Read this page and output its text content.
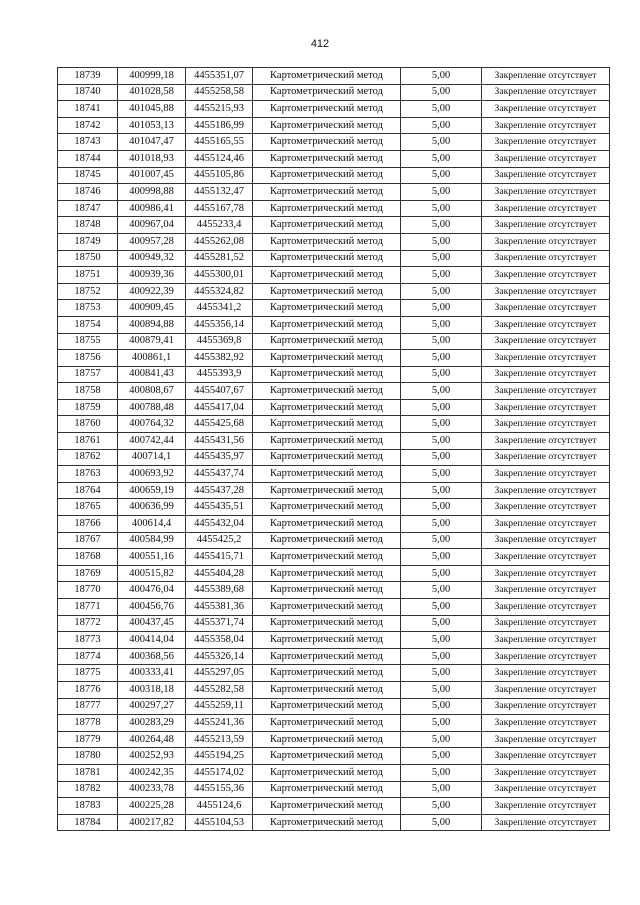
412
18739	400999,18	4455351,07	Картометрический метод	5,00	Закрепление отсутствует
18740	401028,58	4455258,58	Картометрический метод	5,00	Закрепление отсутствует
18741	401045,88	4455215,93	Картометрический метод	5,00	Закрепление отсутствует
18742	401053,13	4455186,99	Картометрический метод	5,00	Закрепление отсутствует
18743	401047,47	4455165,55	Картометрический метод	5,00	Закрепление отсутствует
18744	401018,93	4455124,46	Картометрический метод	5,00	Закрепление отсутствует
18745	401007,45	4455105,86	Картометрический метод	5,00	Закрепление отсутствует
18746	400998,88	4455132,47	Картометрический метод	5,00	Закрепление отсутствует
18747	400986,41	4455167,78	Картометрический метод	5,00	Закрепление отсутствует
18748	400967,04	4455233,4	Картометрический метод	5,00	Закрепление отсутствует
18749	400957,28	4455262,08	Картометрический метод	5,00	Закрепление отсутствует
18750	400949,32	4455281,52	Картометрический метод	5,00	Закрепление отсутствует
18751	400939,36	4455300,01	Картометрический метод	5,00	Закрепление отсутствует
18752	400922,39	4455324,82	Картометрический метод	5,00	Закрепление отсутствует
18753	400909,45	4455341,2	Картометрический метод	5,00	Закрепление отсутствует
18754	400894,88	4455356,14	Картометрический метод	5,00	Закрепление отсутствует
18755	400879,41	4455369,8	Картометрический метод	5,00	Закрепление отсутствует
18756	400861,1	4455382,92	Картометрический метод	5,00	Закрепление отсутствует
18757	400841,43	4455393,9	Картометрический метод	5,00	Закрепление отсутствует
18758	400808,67	4455407,67	Картометрический метод	5,00	Закрепление отсутствует
18759	400788,48	4455417,04	Картометрический метод	5,00	Закрепление отсутствует
18760	400764,32	4455425,68	Картометрический метод	5,00	Закрепление отсутствует
18761	400742,44	4455431,56	Картометрический метод	5,00	Закрепление отсутствует
18762	400714,1	4455435,97	Картометрический метод	5,00	Закрепление отсутствует
18763	400693,92	4455437,74	Картометрический метод	5,00	Закрепление отсутствует
18764	400659,19	4455437,28	Картометрический метод	5,00	Закрепление отсутствует
18765	400636,99	4455435,51	Картометрический метод	5,00	Закрепление отсутствует
18766	400614,4	4455432,04	Картометрический метод	5,00	Закрепление отсутствует
18767	400584,99	4455425,2	Картометрический метод	5,00	Закрепление отсутствует
18768	400551,16	4455415,71	Картометрический метод	5,00	Закрепление отсутствует
18769	400515,82	4455404,28	Картометрический метод	5,00	Закрепление отсутствует
18770	400476,04	4455389,68	Картометрический метод	5,00	Закрепление отсутствует
18771	400456,76	4455381,36	Картометрический метод	5,00	Закрепление отсутствует
18772	400437,45	4455371,74	Картометрический метод	5,00	Закрепление отсутствует
18773	400414,04	4455358,04	Картометрический метод	5,00	Закрепление отсутствует
18774	400368,56	4455326,14	Картометрический метод	5,00	Закрепление отсутствует
18775	400333,41	4455297,05	Картометрический метод	5,00	Закрепление отсутствует
18776	400318,18	4455282,58	Картометрический метод	5,00	Закрепление отсутствует
18777	400297,27	4455259,11	Картометрический метод	5,00	Закрепление отсутствует
18778	400283,29	4455241,36	Картометрический метод	5,00	Закрепление отсутствует
18779	400264,48	4455213,59	Картометрический метод	5,00	Закрепление отсутствует
18780	400252,93	4455194,25	Картометрический метод	5,00	Закрепление отсутствует
18781	400242,35	4455174,02	Картометрический метод	5,00	Закрепление отсутствует
18782	400233,78	4455155,36	Картометрический метод	5,00	Закрепление отсутствует
18783	400225,28	4455124,6	Картометрический метод	5,00	Закрепление отсутствует
18784	400217,82	4455104,53	Картометрический метод	5,00	Закрепление отсутствует
